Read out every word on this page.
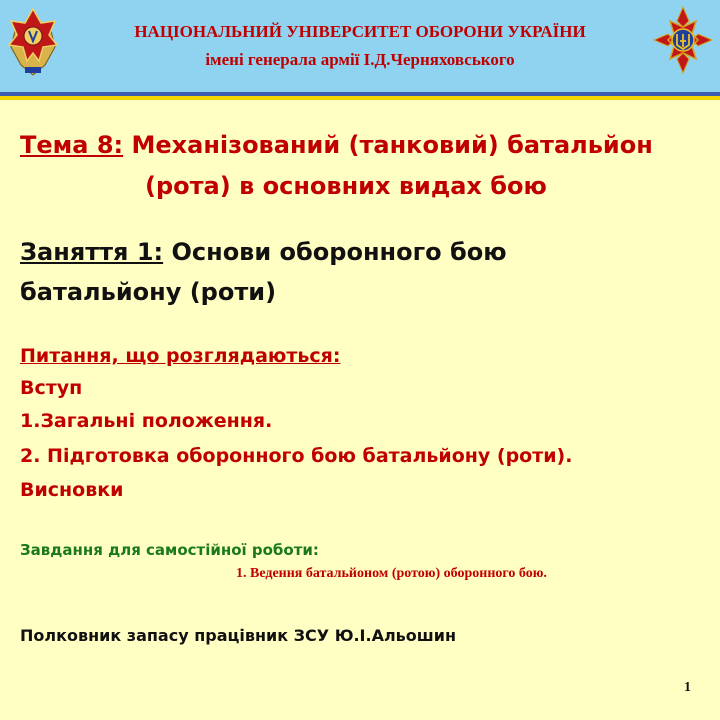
НАЦІОНАЛЬНИЙ УНІВЕРСИТЕТ ОБОРОНИ УКРАЇНИ
імені генерала армії І.Д.Черняховського
Тема 8: Механізований (танковий) батальйон
(рота) в основних видах бою
Заняття 1: Основи оборонного бою
батальйону (роти)
Питання, що розглядаються:
Вступ
1.Загальні положення.
2. Підготовка оборонного бою батальйону (роти).
Висновки
Завдання для самостійної роботи:
1. Ведення батальйоном (ротою) оборонного бою.
Полковник запасу працівник ЗСУ Ю.І.Альошин
1
